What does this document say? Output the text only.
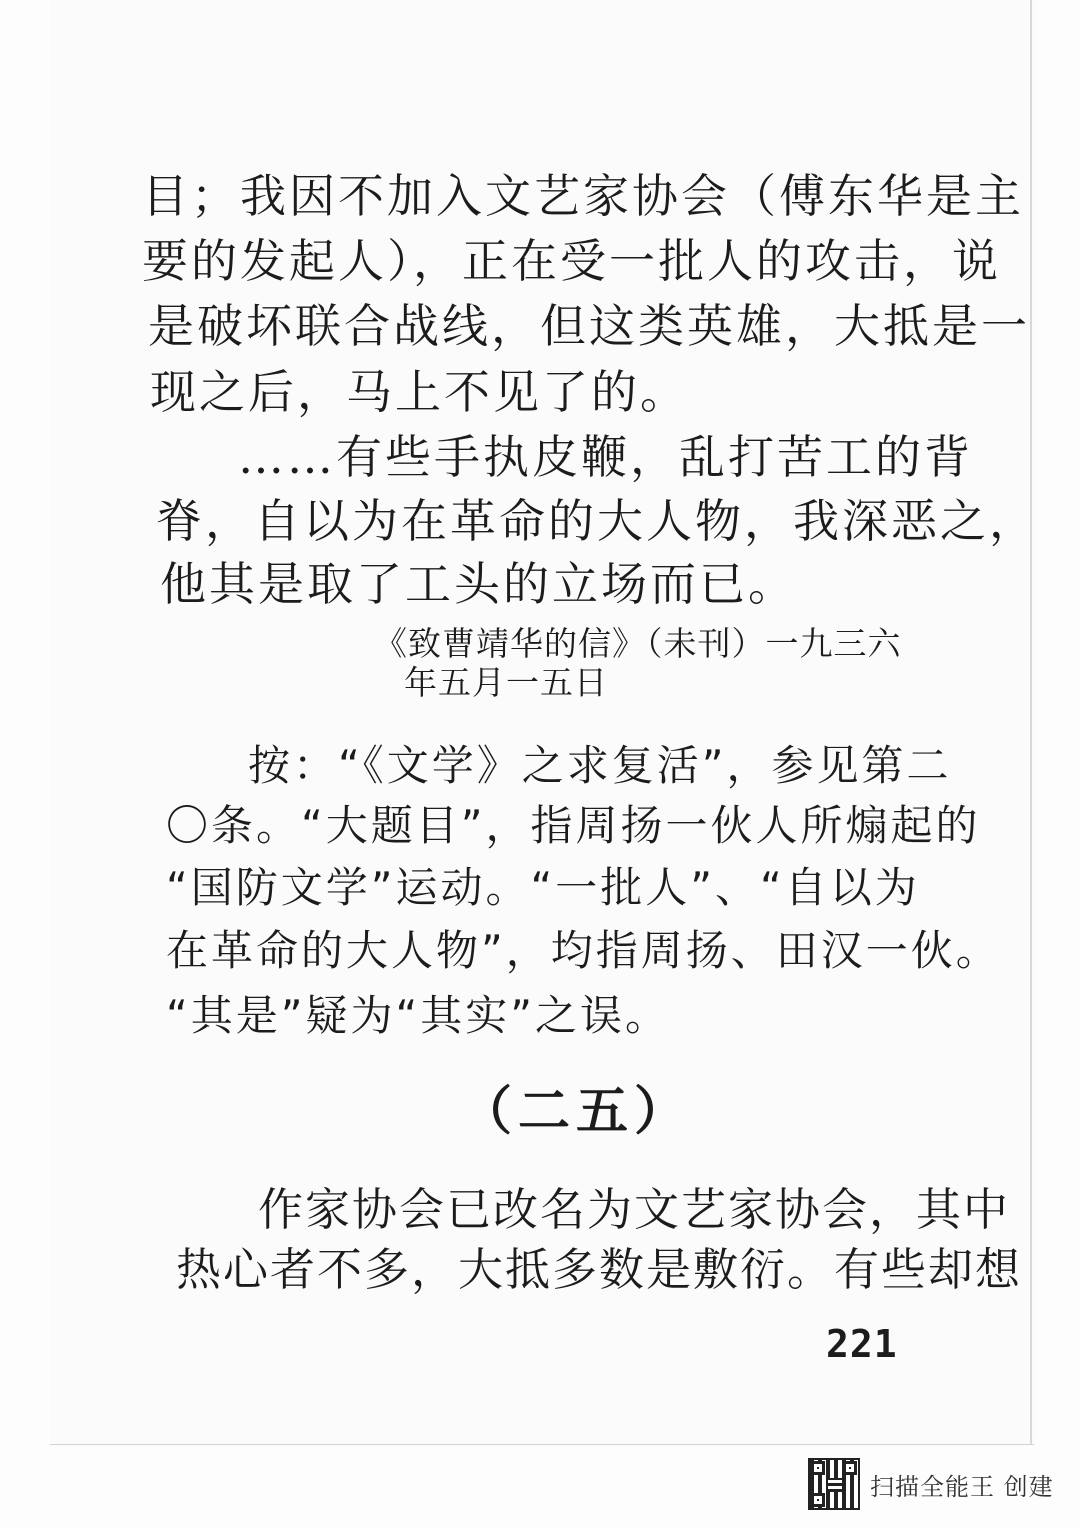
目；我因不加入文艺家协会（傅东华是主
要的发起人），正在受一批人的攻击，说
是破坏联合战线，但这类英雄，大抵是一
现之后，马上不见了的。
……有些手执皮鞭，乱打苦工的背
脊，自以为在革命的大人物，我深恶之，
他其是取了工头的立场而已。
《致曹靖华的信》（未刊）一九三六
年五月一五日
按：“《文学》之求复活”，参见第二
〇条。“大题目”，指周扬一伙人所煽起的
“国防文学”运动。“一批人”、“自以为
在革命的大人物”，均指周扬、田汉一伙。
“其是”疑为“其实”之误。
（二五）
作家协会已改名为文艺家协会，其中
热心者不多，大抵多数是敷衍。有些却想
221
扫描全能王 创建
